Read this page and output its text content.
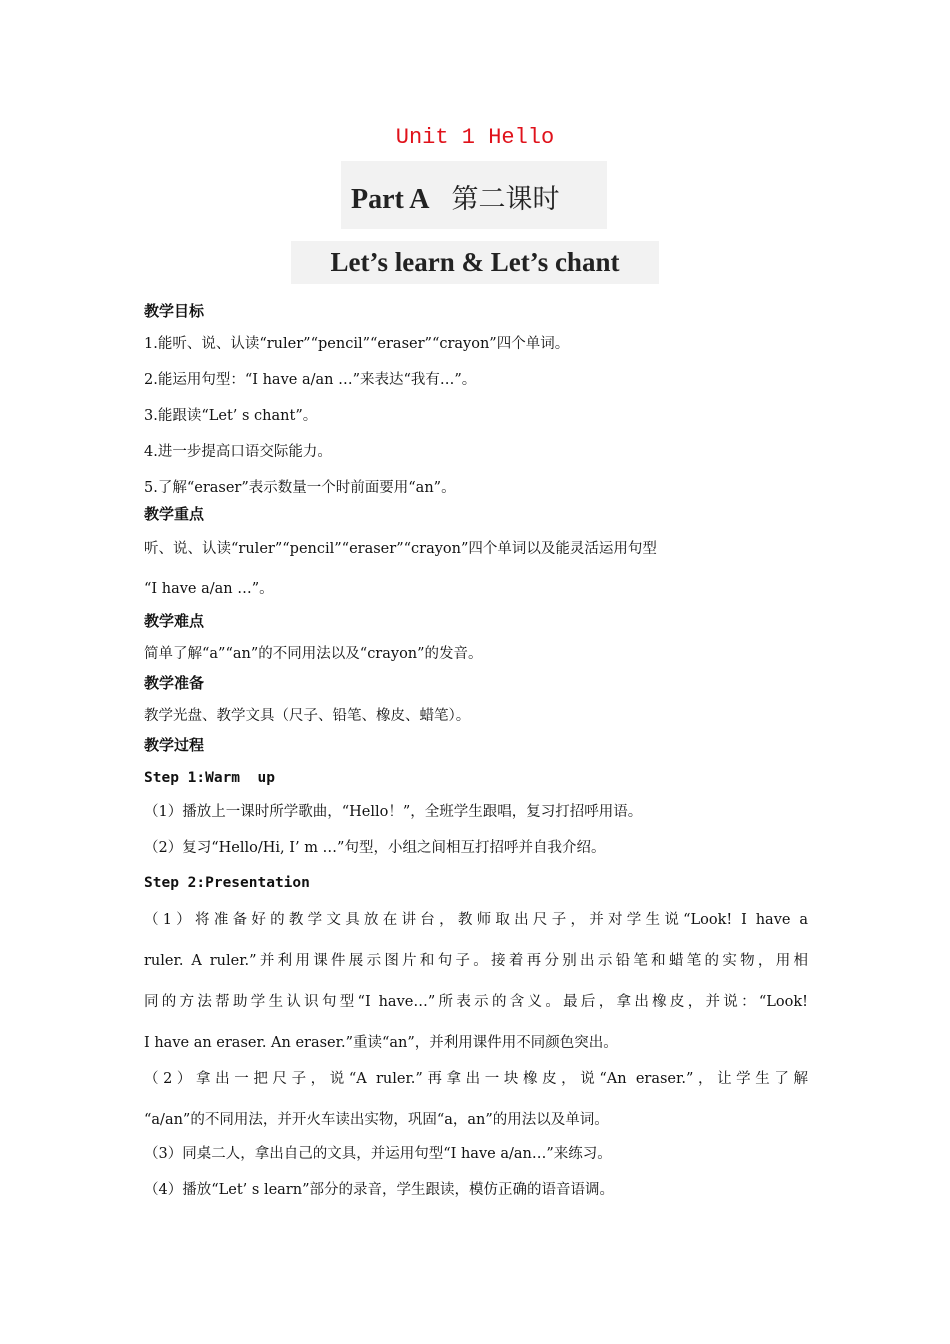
Unit 1 Hello
Part A 第二课时
Let’s learn & Let’s chant
教学目标
1.能听、说、认读“ruler”“pencil”“eraser”“crayon”四个单词。
2.能运用句型：“I have a/an …”来表达“我有…”。
3.能跟读“Let’ s chant”。
4.进一步提高口语交际能力。
5.了解“eraser”表示数量一个时前面要用“an”。
教学重点
听、说、认读“ruler”“pencil”“eraser”“crayon”四个单词以及能灵活运用句型
“I have a/an …”。
教学难点
简单了解“a”“an”的不同用法以及“crayon”的发音。
教学准备
教学光盘、教学文具（尺子、铅笔、橡皮、蜡笔）。
教学过程
Step 1:Warm  up
（1）播放上一课时所学歌曲，“Hello！”，全班学生跟唱，复习打招呼用语。
（2）复习“Hello/Hi, I’ m …”句型，小组之间相互打招呼并自我介绍。
Step 2:Presentation
（1）将准备好的教学文具放在讲台，教师取出尺子，并对学生说“Look! I have a
ruler. A ruler.”并利用课件展示图片和句子。接着再分别出示铅笔和蜡笔的实物，用相
同的方法帮助学生认识句型“I have…”所表示的含义。最后，拿出橡皮，并说：“Look!
I have an eraser. An eraser.”重读“an”，并利用课件用不同颜色突出。
（2）拿出一把尺子，说“A ruler.”再拿出一块橡皮，说“An eraser.”，让学生了解
“a/an”的不同用法，并开火车读出实物，巩固“a，an”的用法以及单词。
（3）同桌二人，拿出自己的文具，并运用句型“I have a/an…”来练习。
（4）播放“Let’ s learn”部分的录音，学生跟读，模仿正确的语音语调。
